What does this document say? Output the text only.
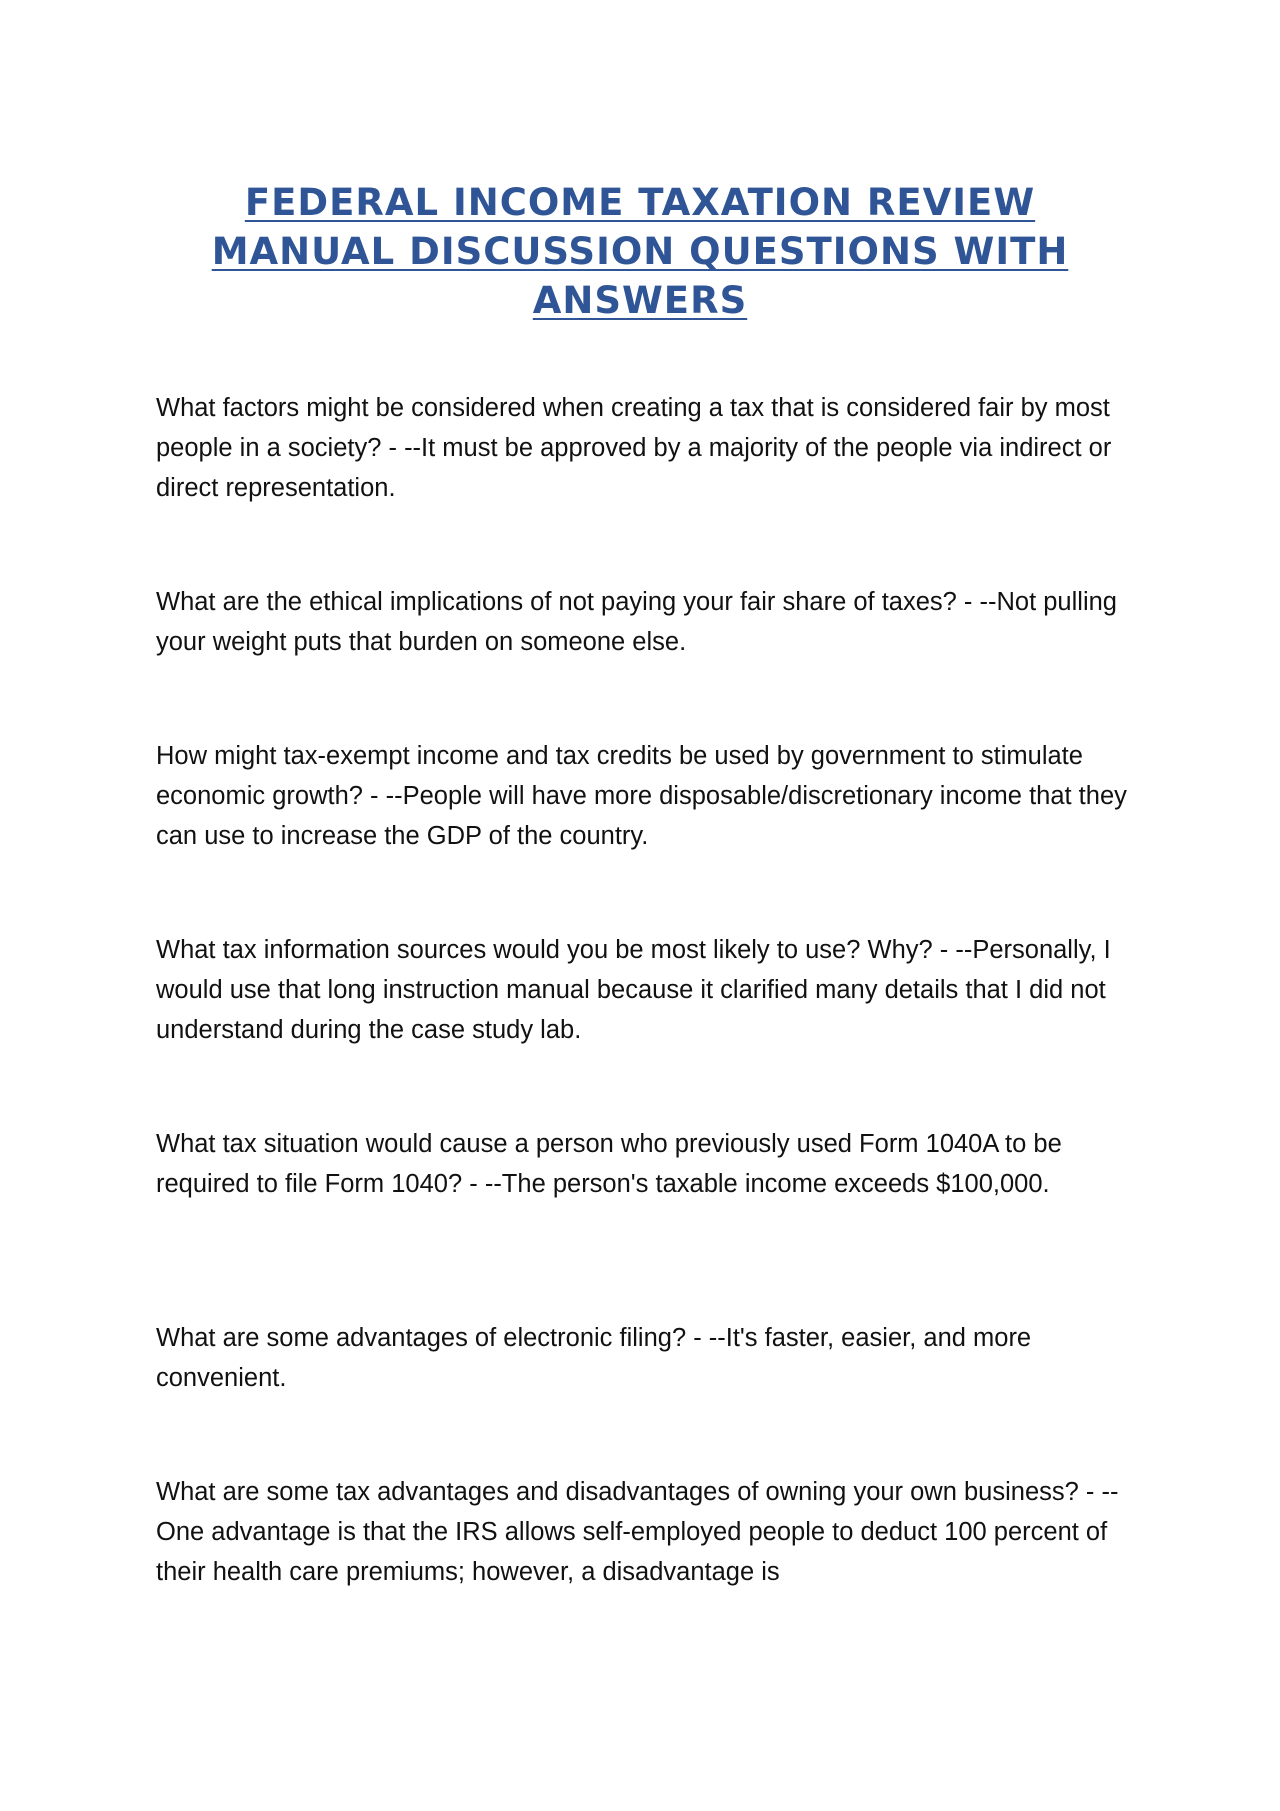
FEDERAL INCOME TAXATION REVIEW MANUAL DISCUSSION QUESTIONS WITH ANSWERS

What factors might be considered when creating a tax that is considered fair by most people in a society? - --It must be approved by a majority of the people via indirect or direct representation.

What are the ethical implications of not paying your fair share of taxes? - --Not pulling your weight puts that burden on someone else.

How might tax-exempt income and tax credits be used by government to stimulate economic growth? - --People will have more disposable/discretionary income that they can use to increase the GDP of the country.

What tax information sources would you be most likely to use? Why? - --Personally, I would use that long instruction manual because it clarified many details that I did not understand during the case study lab.

What tax situation would cause a person who previously used Form 1040A to be required to file Form 1040? - --The person's taxable income exceeds $100,000.

What are some advantages of electronic filing? - --It's faster, easier, and more convenient.

What are some tax advantages and disadvantages of owning your own business? - --One advantage is that the IRS allows self-employed people to deduct 100 percent of their health care premiums; however, a disadvantage is
